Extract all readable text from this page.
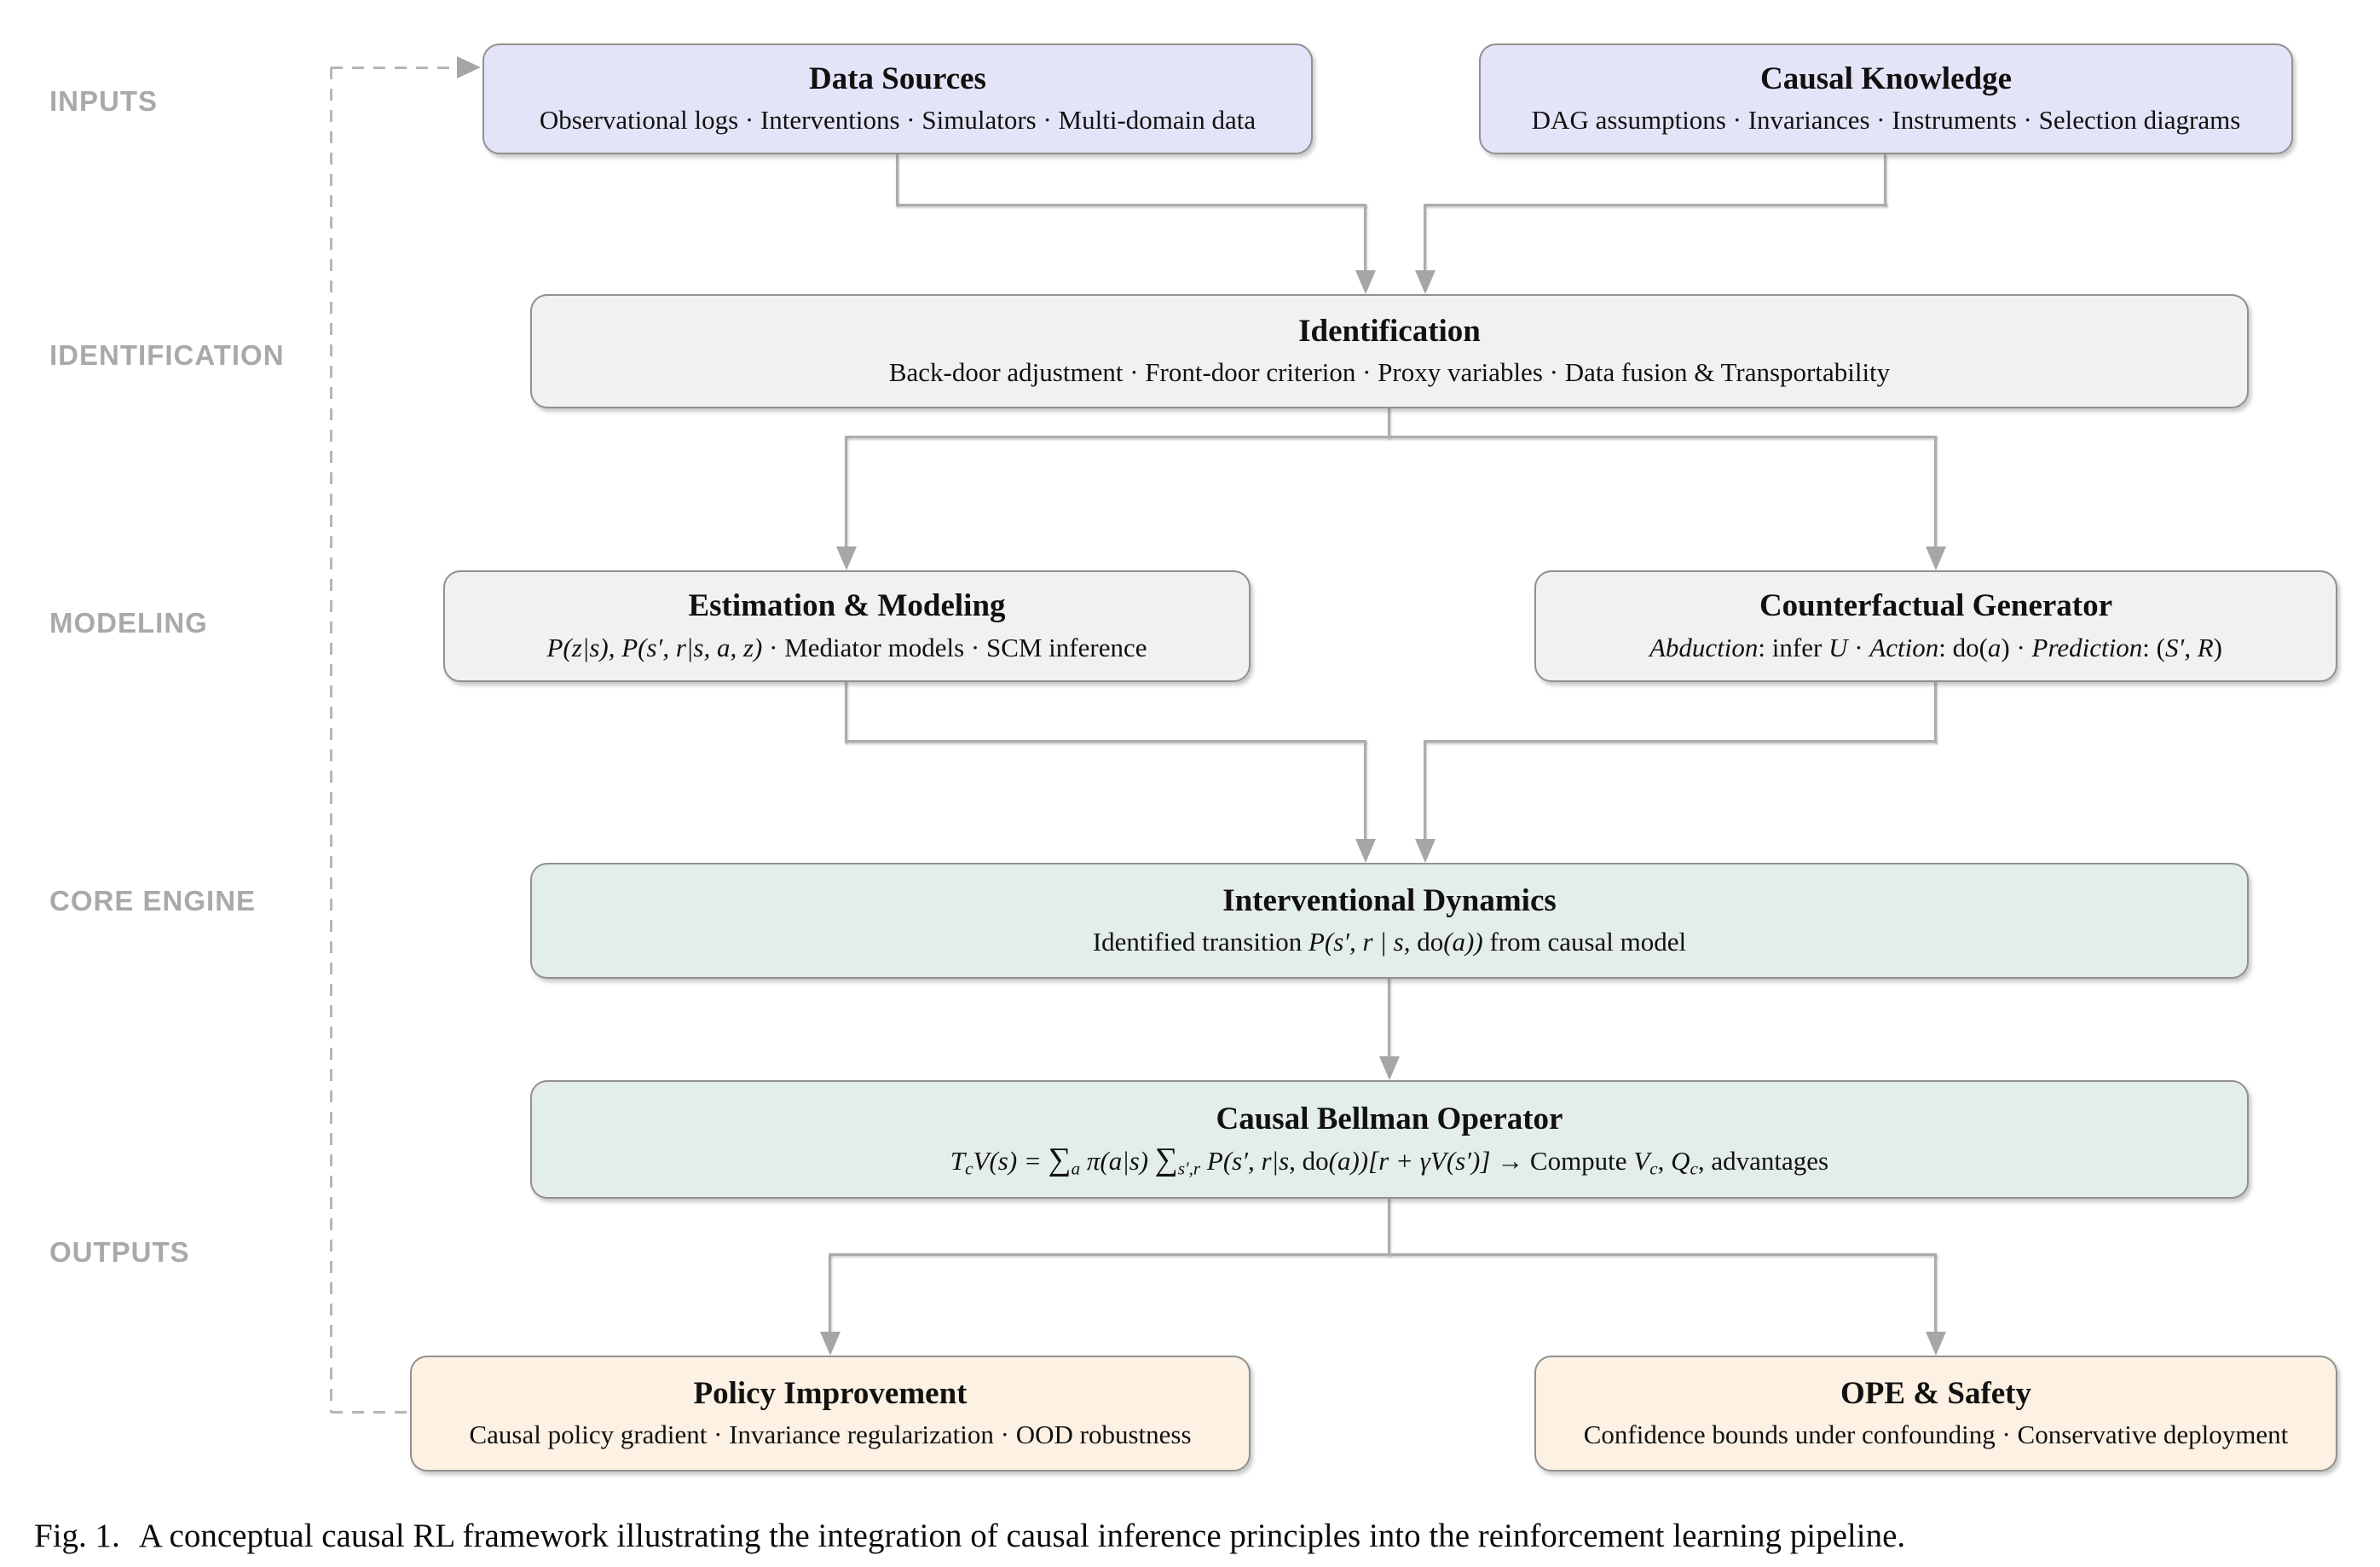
INPUTS
IDENTIFICATION
MODELING
CORE ENGINE
OUTPUTS
Data Sources
Observational logs · Interventions · Simulators · Multi-domain data
Causal Knowledge
DAG assumptions · Invariances · Instruments · Selection diagrams
Identification
Back-door adjustment · Front-door criterion · Proxy variables · Data fusion & Transportability
Estimation & Modeling
P(z|s), P(s′, r|s, a, z) · Mediator models · SCM inference
Counterfactual Generator
Abduction: infer U · Action: do(a) · Prediction: (S′, R)
Interventional Dynamics
Identified transition P(s′, r | s, do(a)) from causal model
Causal Bellman Operator
$T_cV(s) = \sum_a$ π(a|s) $\sum_{s',r}$ P(s′, r|s, do(a))[r + γV(s′)] → Compute $V_c$, $Q_c$, advantages
Policy Improvement
Causal policy gradient · Invariance regularization · OOD robustness
OPE & Safety
Confidence bounds under confounding · Conservative deployment
Fig. 1. A conceptual causal RL framework illustrating the integration of causal inference principles into the reinforcement learning pipeline.
